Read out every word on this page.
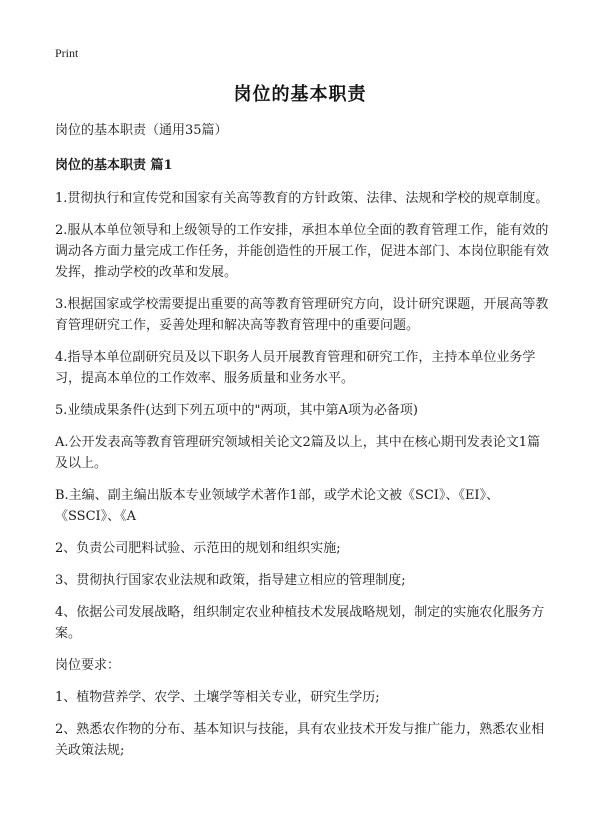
Print
岗位的基本职责

岗位的基本职责（通用35篇）

岗位的基本职责 篇1

1.贯彻执行和宣传党和国家有关高等教育的方针政策、法律、法规和学校的规章制度。

2.服从本单位领导和上级领导的工作安排，承担本单位全面的教育管理工作，能有效的调动各方面力量完成工作任务，并能创造性的开展工作，促进本部门、本岗位职能有效发挥，推动学校的改革和发展。

3.根据国家或学校需要提出重要的高等教育管理研究方向，设计研究课题，开展高等教育管理研究工作，妥善处理和解决高等教育管理中的重要问题。

4.指导本单位副研究员及以下职务人员开展教育管理和研究工作，主持本单位业务学习，提高本单位的工作效率、服务质量和业务水平。

5.业绩成果条件(达到下列五项中的"两项，其中第A项为必备项)

A.公开发表高等教育管理研究领域相关论文2篇及以上，其中在核心期刊发表论文1篇及以上。

B.主编、副主编出版本专业领域学术著作1部，或学术论文被《SCI》、《EI》、《SSCI》、《A

2、负责公司肥料试验、示范田的规划和组织实施;

3、贯彻执行国家农业法规和政策，指导建立相应的管理制度;

4、依据公司发展战略，组织制定农业种植技术发展战略规划，制定的实施农化服务方案。

岗位要求：

1、植物营养学、农学、土壤学等相关专业，研究生学历;

2、熟悉农作物的分布、基本知识与技能，具有农业技术开发与推广能力，熟悉农业相关政策法规;
